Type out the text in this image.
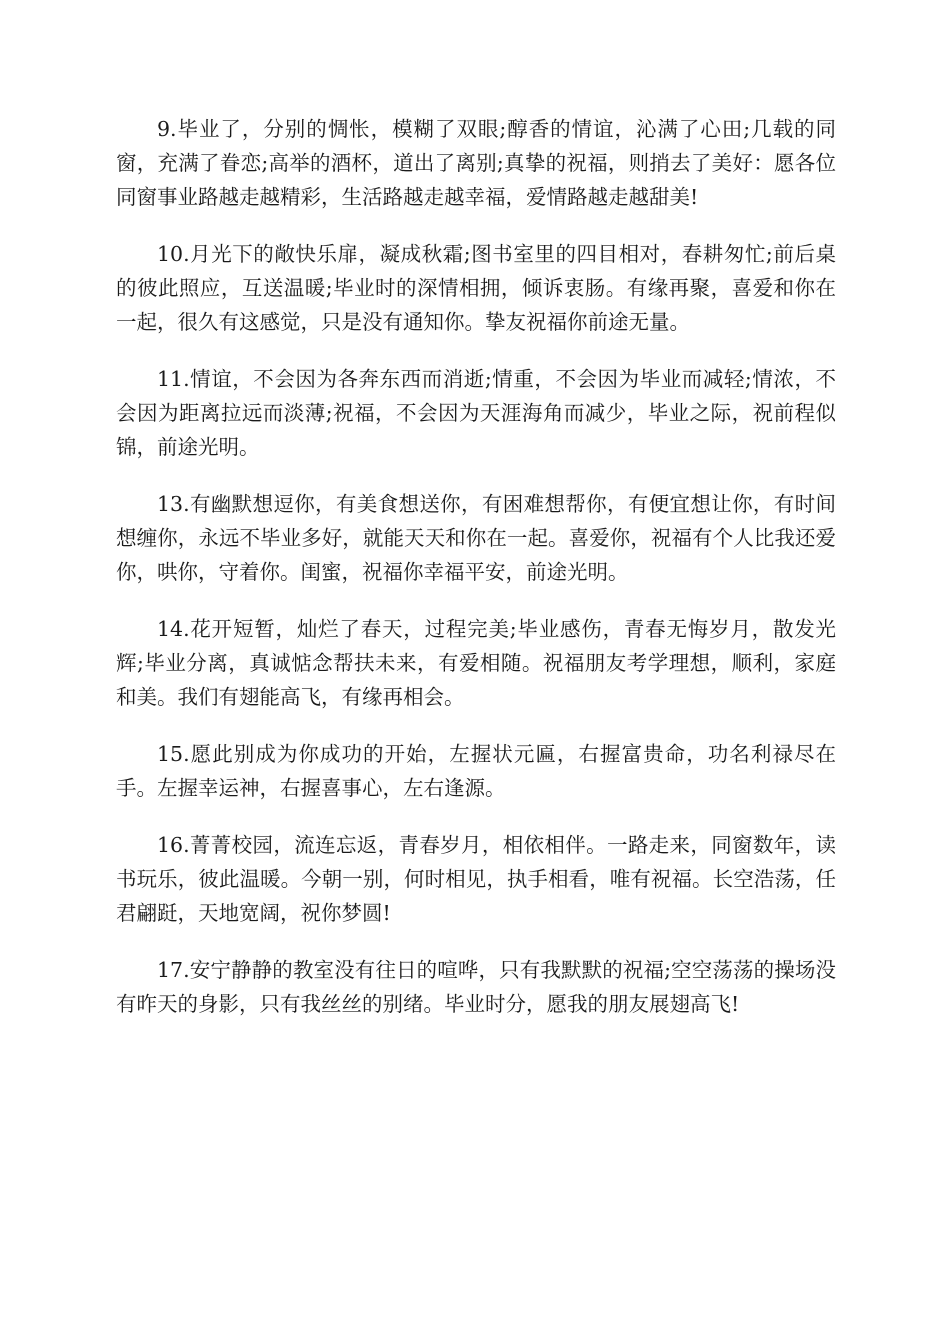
9.毕业了，分别的惆怅，模糊了双眼;醇香的情谊，沁满了心田;几载的同窗，充满了眷恋;高举的酒杯，道出了离别;真挚的祝福，则捎去了美好：愿各位同窗事业路越走越精彩，生活路越走越幸福，爱情路越走越甜美!

10.月光下的敞快乐扉，凝成秋霜;图书室里的四目相对，春耕匆忙;前后桌的彼此照应，互送温暖;毕业时的深情相拥，倾诉衷肠。有缘再聚，喜爱和你在一起，很久有这感觉，只是没有通知你。挚友祝福你前途无量。

11.情谊，不会因为各奔东西而消逝;情重，不会因为毕业而减轻;情浓，不会因为距离拉远而淡薄;祝福，不会因为天涯海角而减少，毕业之际，祝前程似锦，前途光明。

13.有幽默想逗你，有美食想送你，有困难想帮你，有便宜想让你，有时间想缠你，永远不毕业多好，就能天天和你在一起。喜爱你，祝福有个人比我还爱你，哄你，守着你。闺蜜，祝福你幸福平安，前途光明。

14.花开短暂，灿烂了春天，过程完美;毕业感伤，青春无悔岁月，散发光辉;毕业分离，真诚惦念帮扶未来，有爱相随。祝福朋友考学理想，顺利，家庭和美。我们有翅能高飞，有缘再相会。

15.愿此别成为你成功的开始，左握状元匾，右握富贵命，功名利禄尽在手。左握幸运神，右握喜事心，左右逢源。

16.菁菁校园，流连忘返，青春岁月，相依相伴。一路走来，同窗数年，读书玩乐，彼此温暖。今朝一别，何时相见，执手相看，唯有祝福。长空浩荡，任君翩跹，天地宽阔，祝你梦圆!

17.安宁静静的教室没有往日的喧哗，只有我默默的祝福;空空荡荡的操场没有昨天的身影，只有我丝丝的别绪。毕业时分，愿我的朋友展翅高飞!
